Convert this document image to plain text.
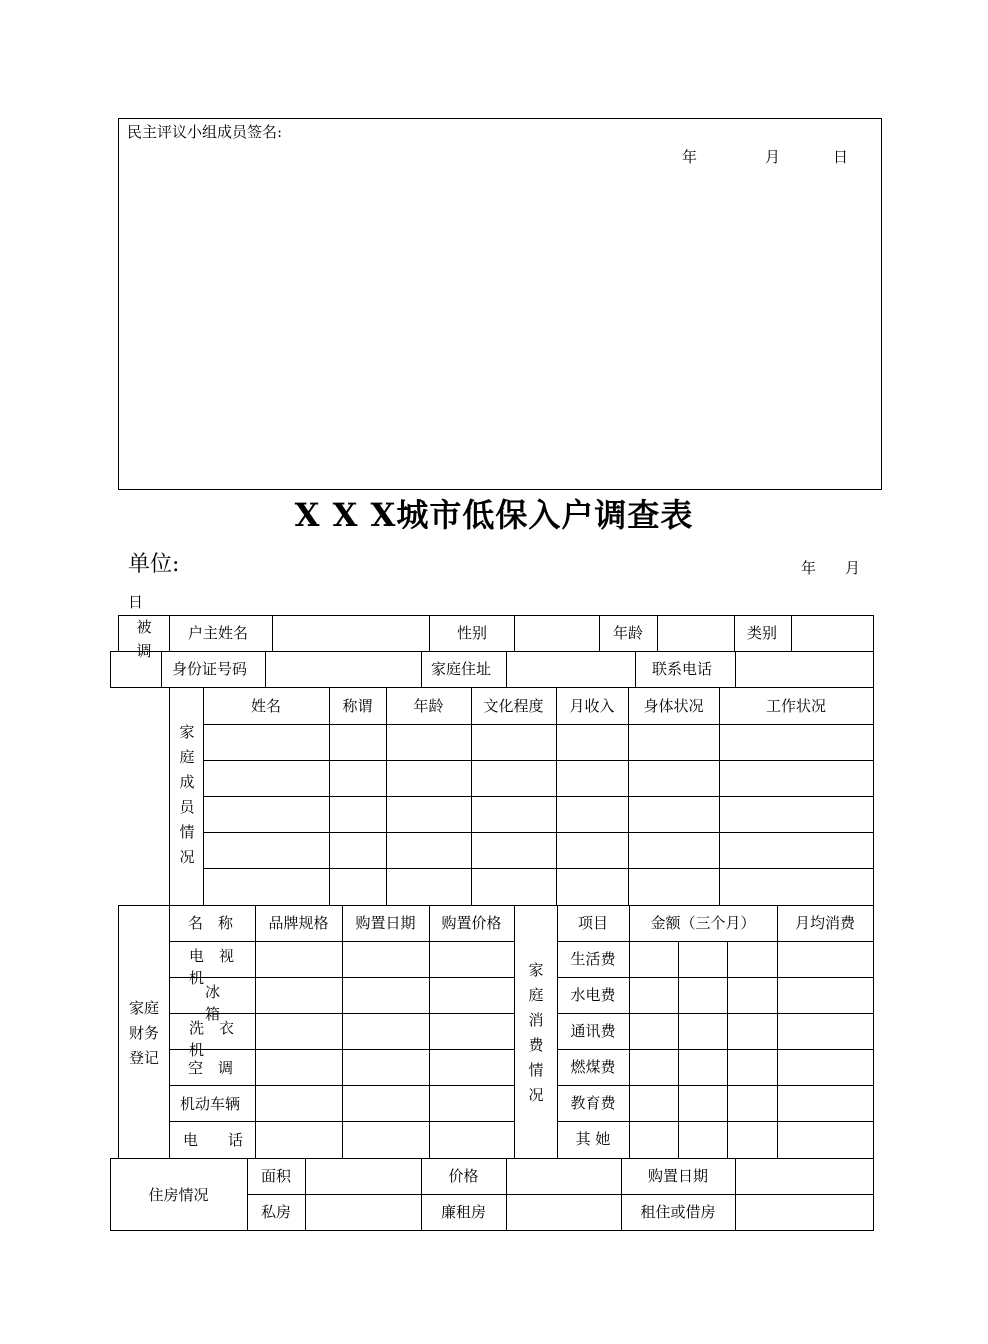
民主评议小组成员签名:
年	月	日
X X X城市低保入户调查表
单位:	年 月
日
被调
户主姓名	性别	年龄	类别
身份证号码	家庭住址	联系电话
家庭成员情况
姓名	称谓	年龄	文化程度	月收入	身体状况	工作状况
家庭财务登记
名　称	品牌规格	购置日期	购置价格
电　视　机
冰　　箱
洗　衣　机
空　调
机动车辆
电　　话
家庭消费情况
项目	金额（三个月）	月均消费
生活费
水电费
通讯费
燃煤费
教育费
其 她
住房情况
面积	价格	购置日期
私房	廉租房	租住或借房
